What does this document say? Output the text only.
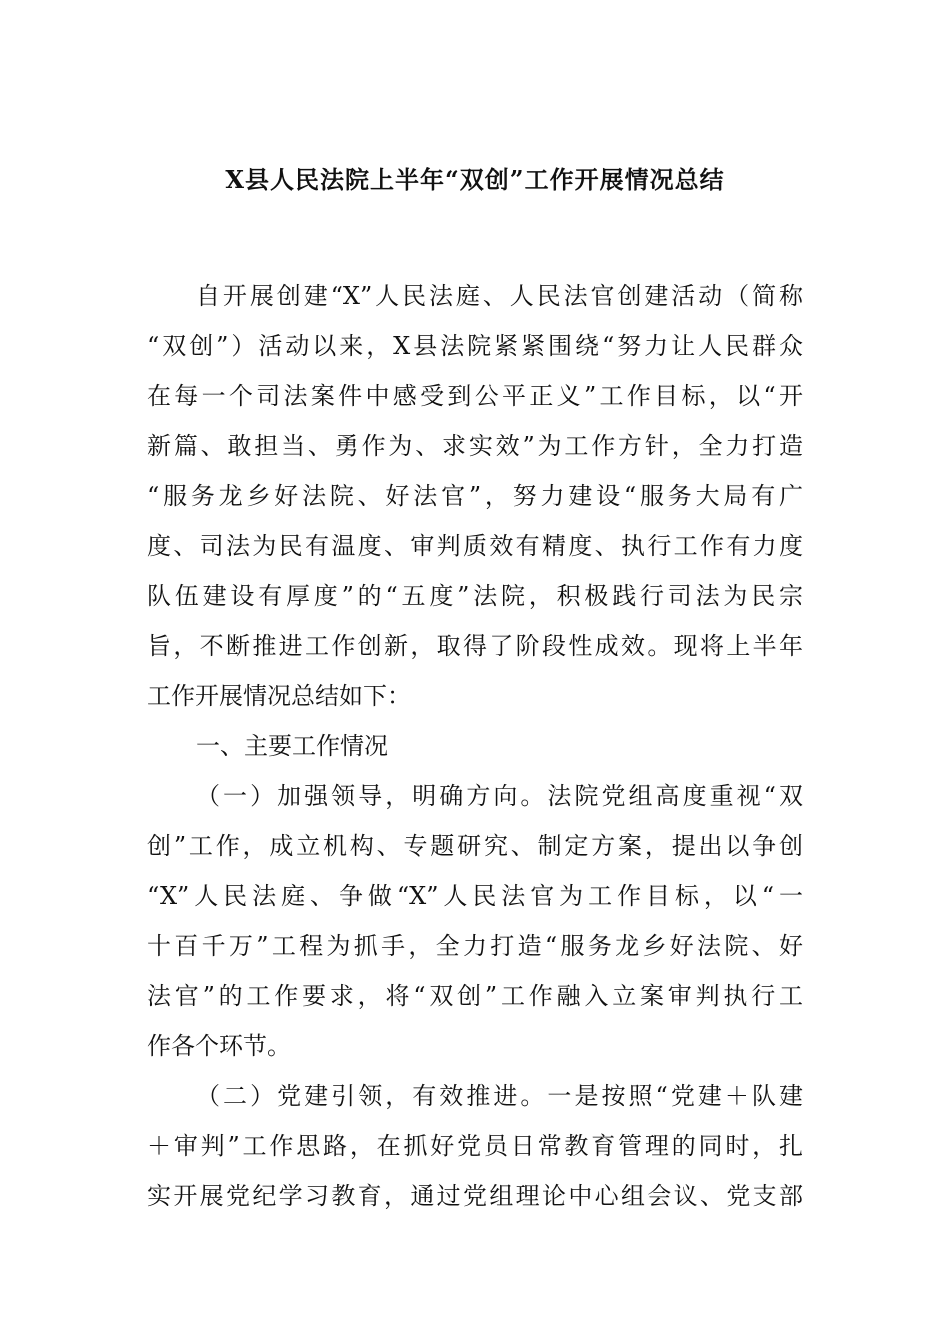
X县人民法院上半年“双创”工作开展情况总结

自开展创建“X”人民法庭、人民法官创建活动（简称

“双创”）活动以来，X县法院紧紧围绕“努力让人民群众

在每一个司法案件中感受到公平正义”工作目标，以“开

新篇、敢担当、勇作为、求实效”为工作方针，全力打造

“服务龙乡好法院、好法官”，努力建设“服务大局有广

度、司法为民有温度、审判质效有精度、执行工作有力度

队伍建设有厚度”的“五度”法院，积极践行司法为民宗

旨，不断推进工作创新，取得了阶段性成效。现将上半年

工作开展情况总结如下：

一、主要工作情况

（一）加强领导，明确方向。法院党组高度重视“双

创”工作，成立机构、专题研究、制定方案，提出以争创

“X”人民法庭、争做“X”人民法官为工作目标，以“一

十百千万”工程为抓手，全力打造“服务龙乡好法院、好

法官”的工作要求，将“双创”工作融入立案审判执行工

作各个环节。

（二）党建引领，有效推进。一是按照“党建＋队建

＋审判”工作思路，在抓好党员日常教育管理的同时，扎

实开展党纪学习教育，通过党组理论中心组会议、党支部
